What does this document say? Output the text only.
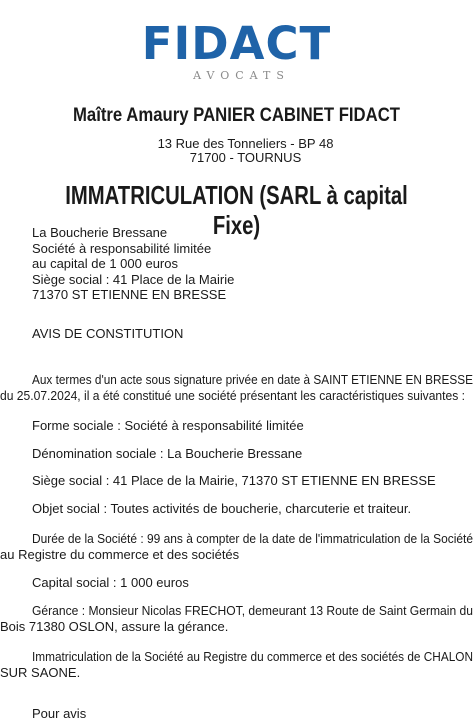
FIDACT
AVOCATS
Maître Amaury PANIER CABINET FIDACT
13 Rue des Tonneliers - BP 48
71700 - TOURNUS
IMMATRICULATION (SARL à capital Fixe)
La Boucherie Bressane
Société à responsabilité limitée
au capital de 1 000 euros
Siège social : 41 Place de la Mairie
71370 ST ETIENNE EN BRESSE
AVIS DE CONSTITUTION
Aux termes d'un acte sous signature privée en date à SAINT ETIENNE EN BRESSE
du 25.07.2024, il a été constitué une société présentant les caractéristiques suivantes :
Forme sociale : Société à responsabilité limitée
Dénomination sociale : La Boucherie Bressane
Siège social : 41 Place de la Mairie, 71370 ST ETIENNE EN BRESSE
Objet social : Toutes activités de boucherie, charcuterie et traiteur.
Durée de la Société : 99 ans à compter de la date de l'immatriculation de la Société
au Registre du commerce et des sociétés
Capital social : 1 000 euros
Gérance : Monsieur Nicolas FRECHOT, demeurant 13 Route de Saint Germain du
Bois 71380 OSLON, assure la gérance.
Immatriculation de la Société au Registre du commerce et des sociétés de CHALON
SUR SAONE.
Pour avis
